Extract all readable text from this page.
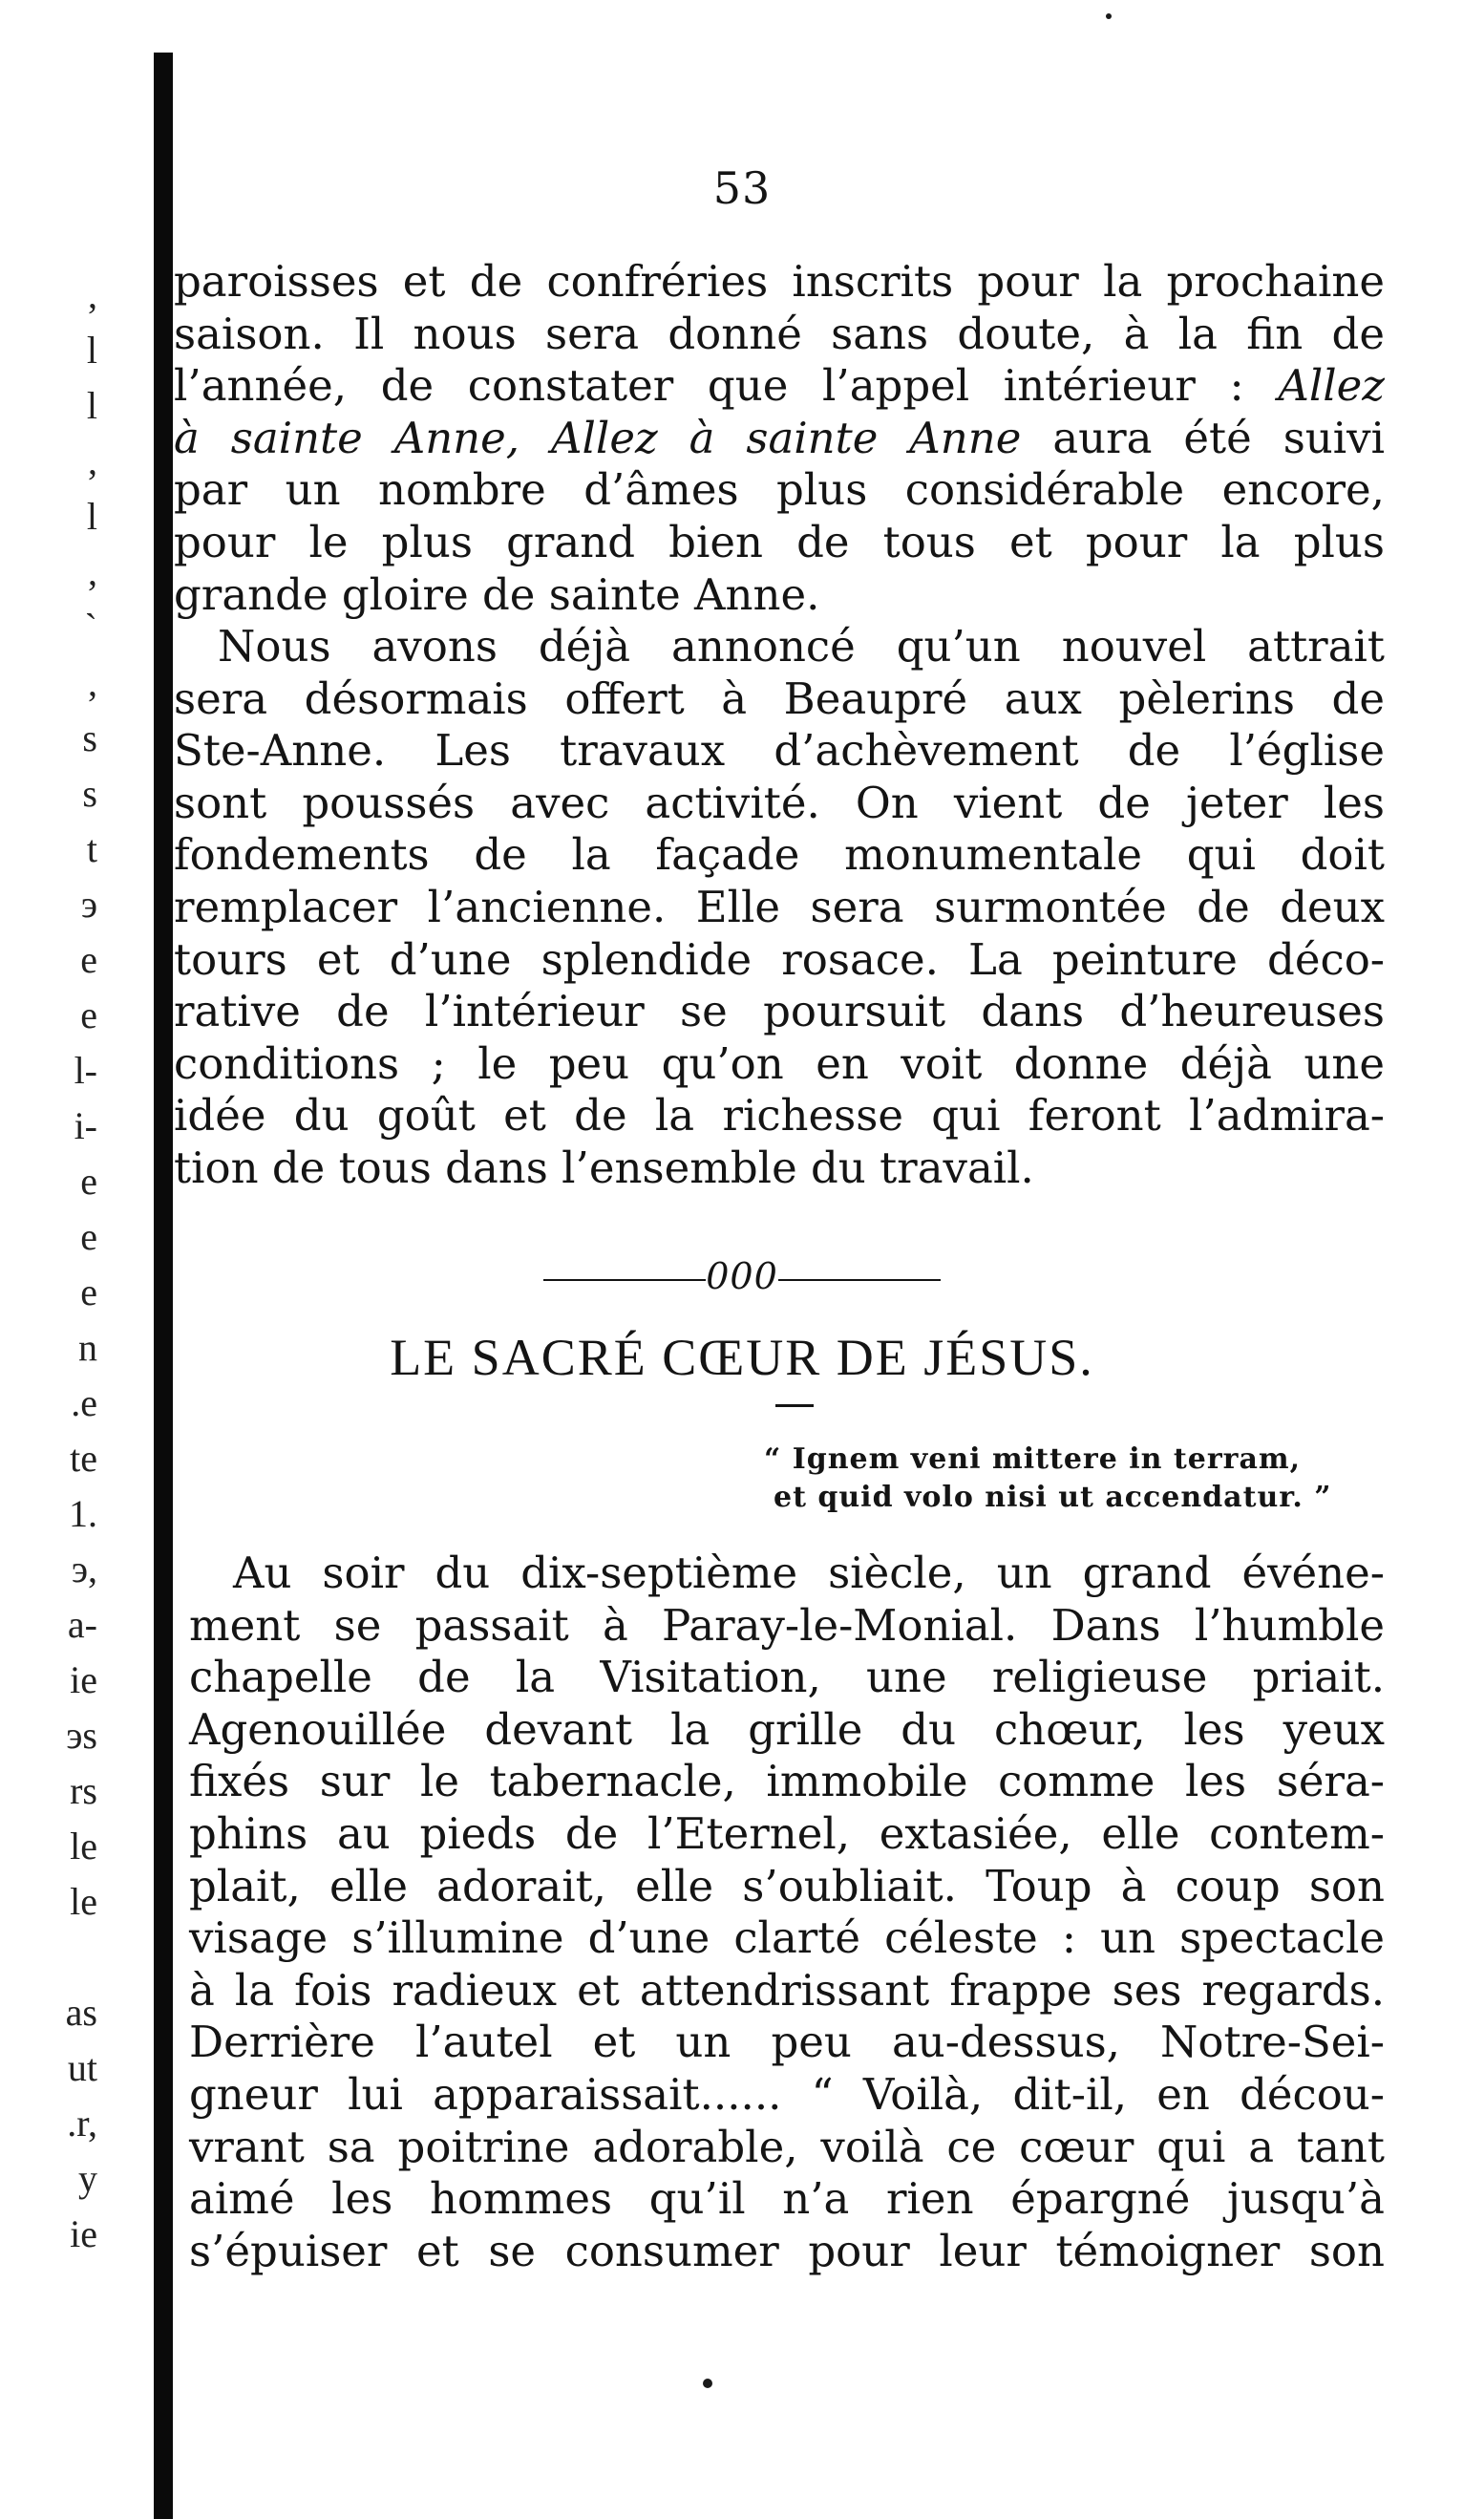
,
l
l
,
l
,
`
,
s
s
t
э
e
e
l-
i-
e
e
e
n
.e
te
1.
э,
a-
ie
эs
rs
le
le
as
ut
.r,
y
ie
53
paroisses et de confréries inscrits pour la prochaine
saison. Il nous sera donné sans doute, à la fin de
l’année, de constater que l’appel intérieur : Allez
à sainte Anne, Allez à sainte Anne aura été suivi
par un nombre d’âmes plus considérable encore,
pour le plus grand bien de tous et pour la plus
grande gloire de sainte Anne.
Nous avons déjà annoncé qu’un nouvel attrait
sera désormais offert à Beaupré aux pèlerins de
Ste-Anne. Les travaux d’achèvement de l’église
sont poussés avec activité. On vient de jeter les
fondements de la façade monumentale qui doit
remplacer l’ancienne. Elle sera surmontée de deux
tours et d’une splendide rosace. La peinture déco-
rative de l’intérieur se poursuit dans d’heureuses
conditions ; le peu qu’on en voit donne déjà une
idée du goût et de la richesse qui feront l’admira-
tion de tous dans l’ensemble du travail.
000
LE SACRÉ CŒUR DE JÉSUS.
“ Ignem veni mittere in terram,
et quid volo nisi ut accendatur. ”
Au soir du dix-septième siècle, un grand événe-
ment se passait à Paray-le-Monial. Dans l’humble
chapelle de la Visitation, une religieuse priait.
Agenouillée devant la grille du chœur, les yeux
fixés sur le tabernacle, immobile comme les séra-
phins au pieds de l’Eternel, extasiée, elle contem-
plait, elle adorait, elle s’oubliait. Toup à coup son
visage s’illumine d’une clarté céleste : un spectacle
à la fois radieux et attendrissant frappe ses regards.
Derrière l’autel et un peu au-dessus, Notre-Sei-
gneur lui apparaissait...... “ Voilà, dit-il, en décou-
vrant sa poitrine adorable, voilà ce cœur qui a tant
aimé les hommes qu’il n’a rien épargné jusqu’à
s’épuiser et se consumer pour leur témoigner son
